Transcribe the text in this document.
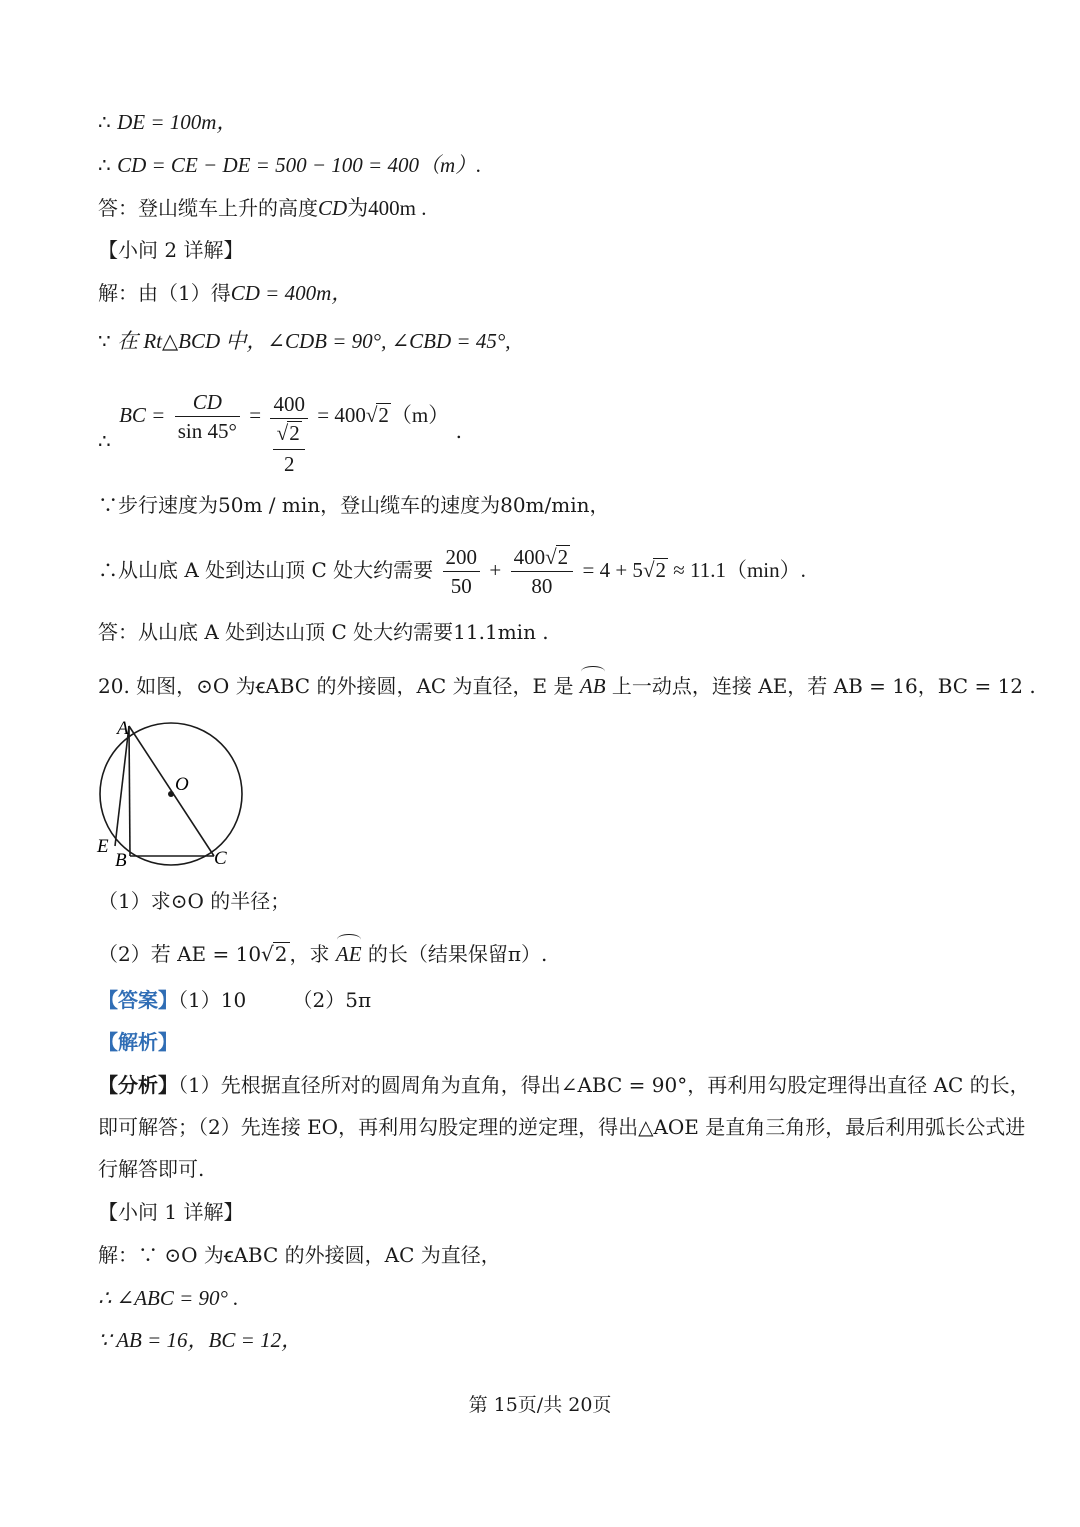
∴ DE = 100m，
∴ CD = CE − DE = 500 − 100 = 400（m）.
答：登山缆车上升的高度CD为400m .
【小问 2 详解】
解：由（1）得CD = 400m，
∵ 在 Rt△BCD 中，∠CDB = 90°, ∠CBD = 45°,
∴ BC = $\frac{CD}{\sin 45^\circ} = 400$
√2
2 = 400√2（m） .
∵步行速度为50m / min，登山缆车的速度为80m/min，
∴从山底 A 处到达山顶 C 处大约需要 $\frac{200}{50} + \frac{400√2}{80} = 4 + 5√2 \approx 11.1(\min)$.
答：从山底 A 处到达山顶 C 处大约需要11.1min .
20. 如图，⊙O 为ꞓABC 的外接圆，AC 为直径，E 是 AB 上一动点，连接 AE，若 AB = 16，BC = 12 .
A
O
E
B	C
（1）求⊙O 的半径；
（2）若 AE = 10√2 ，求 AE 的长（结果保留π）.
【答案】（1）10 （2）5π
【解析】
【分析】（1）先根据直径所对的圆周角为直角，得出∠ABC = 90°，再利用勾股定理得出直径 AC 的长，
即可解答；（2）先连接 EO，再利用勾股定理的逆定理，得出△AOE 是直角三角形，最后利用弧长公式进
行解答即可.
【小问 1 详解】
解：∵ ⊙O 为ꞓABC 的外接圆，AC 为直径，
∴ ∠ABC = 90° .
∵ AB = 16，BC = 12，
第 15页/共 20页
